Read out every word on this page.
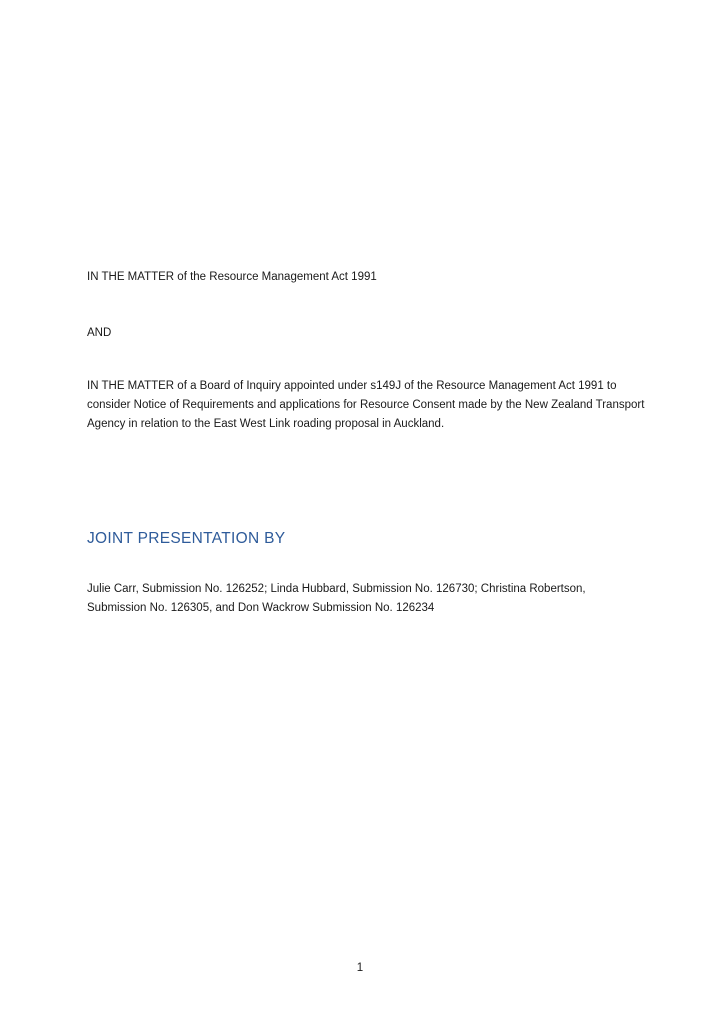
IN THE MATTER of the Resource Management Act 1991

AND

IN THE MATTER of a Board of Inquiry appointed under s149J of the Resource Management Act 1991 to consider Notice of Requirements and applications for Resource Consent made by the New Zealand Transport Agency in relation to the East West Link roading proposal in Auckland.

JOINT PRESENTATION BY

Julie Carr, Submission No. 126252; Linda Hubbard, Submission No. 126730; Christina Robertson, Submission No. 126305, and Don Wackrow Submission No. 126234

1
